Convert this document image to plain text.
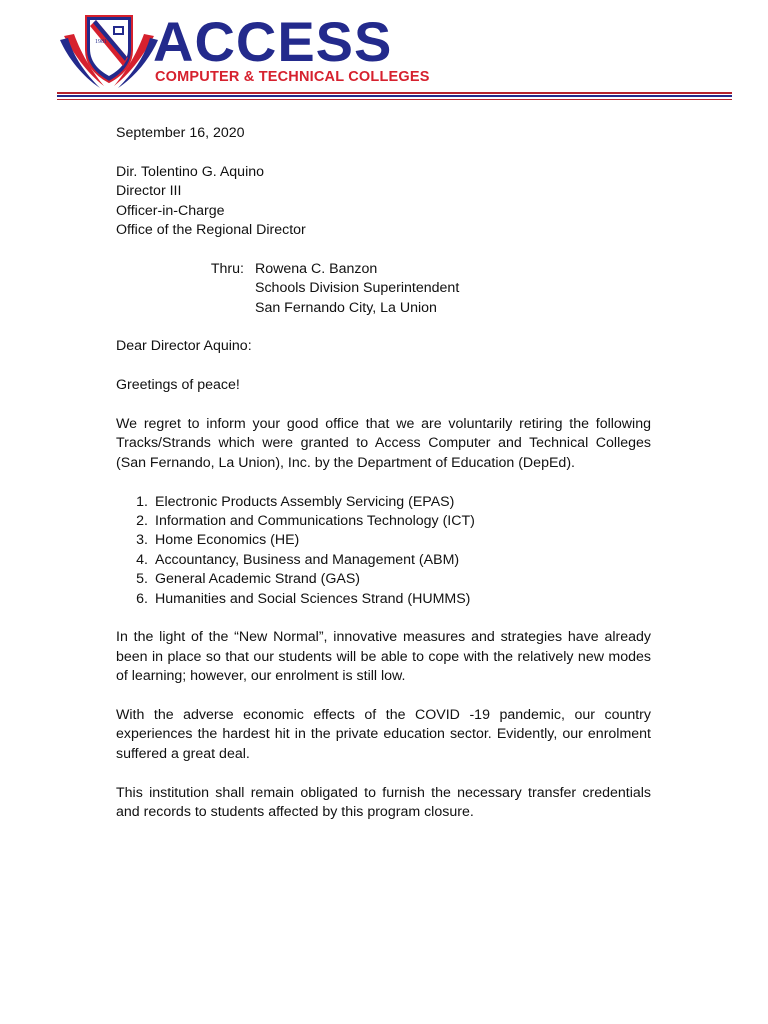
1981 ACCESS
COMPUTER & TECHNICAL COLLEGES

September 16, 2020

Dir. Tolentino G. Aquino
Director III
Officer-in-Charge
Office of the Regional Director
Thru: Rowena C. Banzon
Schools Division Superintendent
San Fernando City, La Union

Dear Director Aquino:

Greetings of peace!

We regret to inform your good office that we are voluntarily retiring the following Tracks/Strands which were granted to Access Computer and Technical Colleges (San Fernando, La Union), Inc. by the Department of Education (DepEd).

1. Electronic Products Assembly Servicing (EPAS)
2. Information and Communications Technology (ICT)
3. Home Economics (HE)
4. Accountancy, Business and Management (ABM)
5. General Academic Strand (GAS)
6. Humanities and Social Sciences Strand (HUMMS)

In the light of the “New Normal”, innovative measures and strategies have already been in place so that our students will be able to cope with the relatively new modes of learning; however, our enrolment is still low.

With the adverse economic effects of the COVID -19 pandemic, our country experiences the hardest hit in the private education sector. Evidently, our enrolment suffered a great deal.

This institution shall remain obligated to furnish the necessary transfer credentials and records to students affected by this program closure.
